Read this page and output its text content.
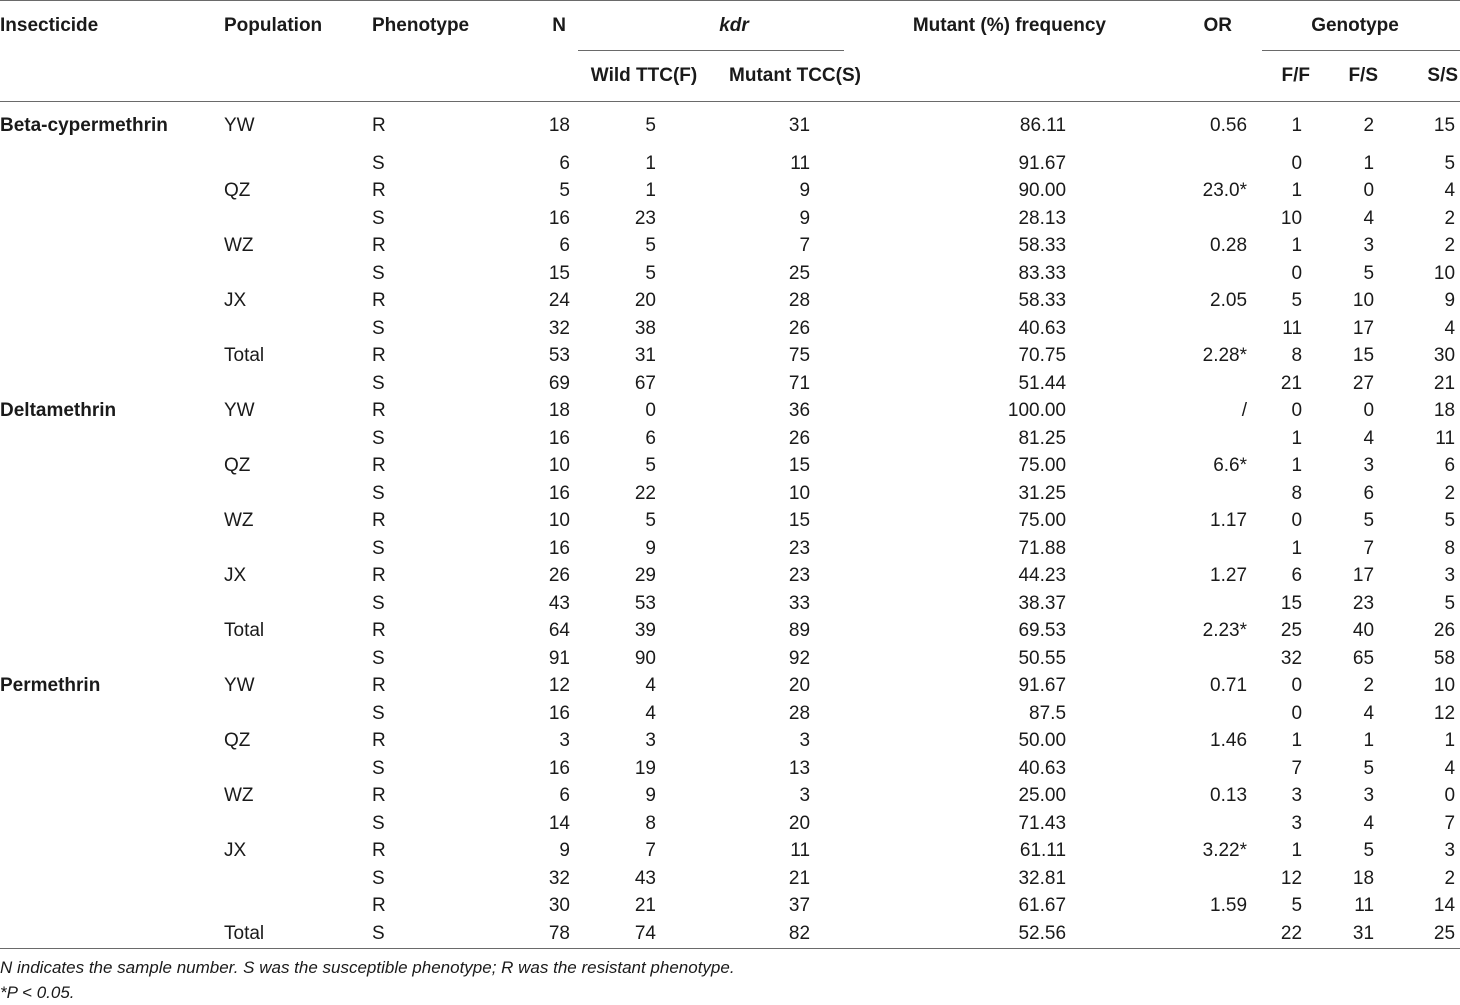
Insecticide	Population	Phenotype	N	kdr		Mutant (%) frequency	OR	Genotype		

				Wild TTC(F)	Mutant TCC(S)			F/F	F/S	S/S
Beta-cypermethrin	YW	R	18	5	31	86.11	0.56	1	2	15
		S	6	1	11	91.67		0	1	5
	QZ	R	5	1	9	90.00	23.0*	1	0	4
		S	16	23	9	28.13		10	4	2
	WZ	R	6	5	7	58.33	0.28	1	3	2
		S	15	5	25	83.33		0	5	10
	JX	R	24	20	28	58.33	2.05	5	10	9
		S	32	38	26	40.63		11	17	4
	Total	R	53	31	75	70.75	2.28*	8	15	30
		S	69	67	71	51.44		21	27	21
Deltamethrin	YW	R	18	0	36	100.00	/	0	0	18
		S	16	6	26	81.25		1	4	11
	QZ	R	10	5	15	75.00	6.6*	1	3	6
		S	16	22	10	31.25		8	6	2
	WZ	R	10	5	15	75.00	1.17	0	5	5
		S	16	9	23	71.88		1	7	8
	JX	R	26	29	23	44.23	1.27	6	17	3
		S	43	53	33	38.37		15	23	5
	Total	R	64	39	89	69.53	2.23*	25	40	26
		S	91	90	92	50.55		32	65	58
Permethrin	YW	R	12	4	20	91.67	0.71	0	2	10
		S	16	4	28	87.5		0	4	12
	QZ	R	3	3	3	50.00	1.46	1	1	1
		S	16	19	13	40.63		7	5	4
	WZ	R	6	9	3	25.00	0.13	3	3	0
		S	14	8	20	71.43		3	4	7
	JX	R	9	7	11	61.11	3.22*	1	5	3
		S	32	43	21	32.81		12	18	2
		R	30	21	37	61.67	1.59	5	11	14
	Total	S	78	74	82	52.56		22	31	25
N indicates the sample number. S was the susceptible phenotype; R was the resistant phenotype.
*P < 0.05.
